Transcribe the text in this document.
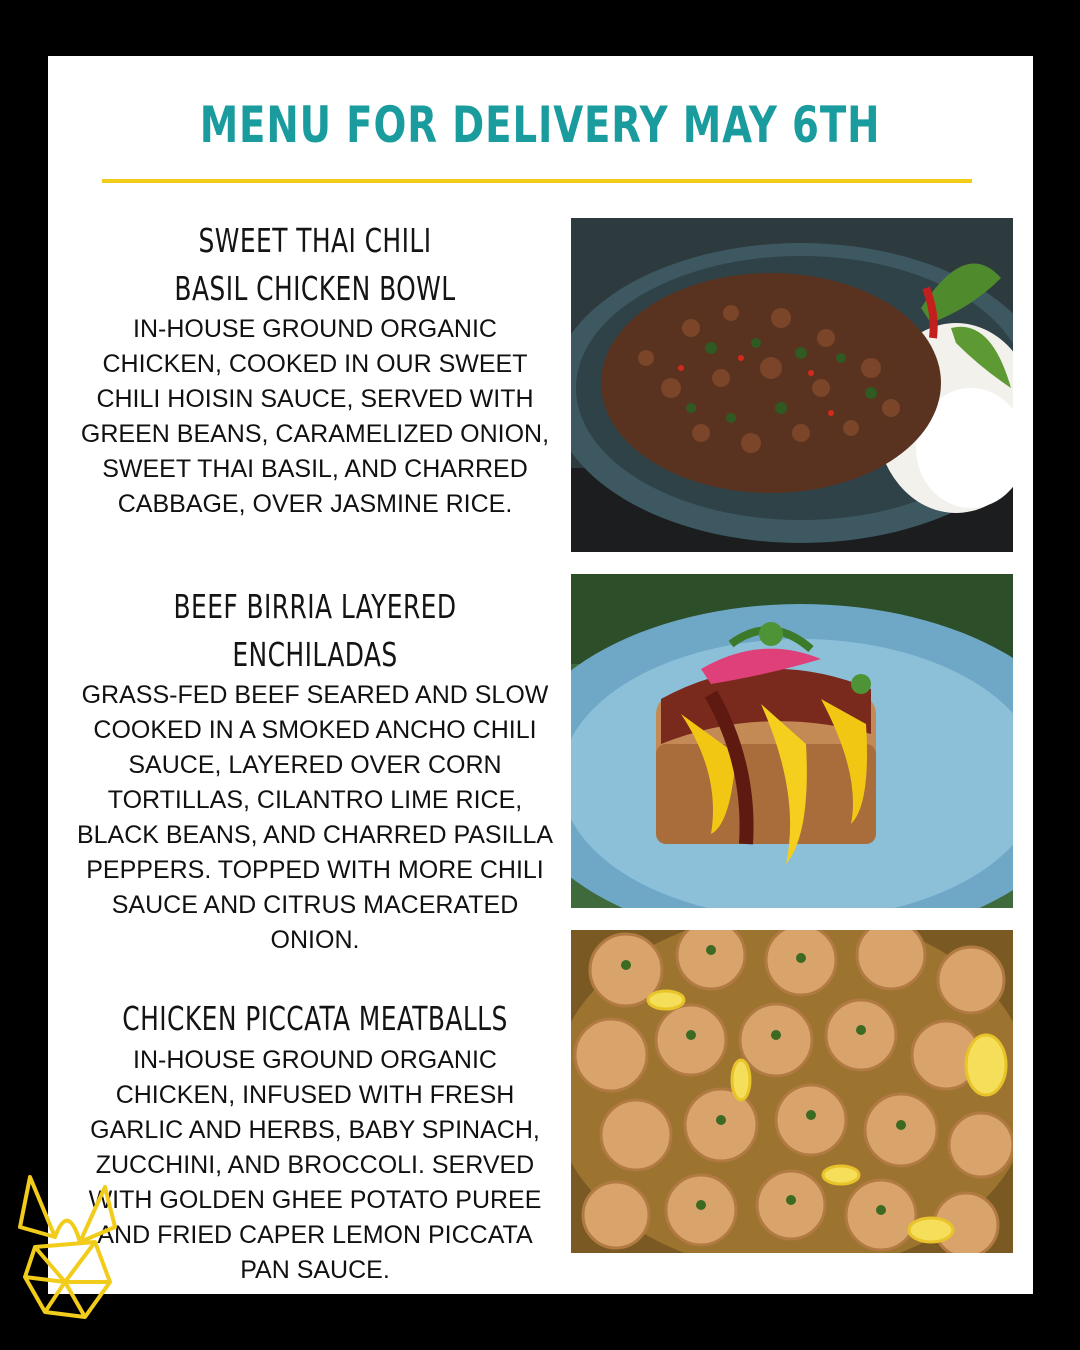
MENU FOR DELIVERY MAY 6TH
SWEET THAI CHILI
BASIL CHICKEN BOWL

IN-HOUSE GROUND ORGANIC CHICKEN, COOKED IN OUR SWEET CHILI HOISIN SAUCE, SERVED WITH GREEN BEANS, CARAMELIZED ONION, SWEET THAI BASIL, AND CHARRED CABBAGE, OVER JASMINE RICE.

BEEF BIRRIA LAYERED
ENCHILADAS

GRASS-FED BEEF SEARED AND SLOW COOKED IN A SMOKED ANCHO CHILI SAUCE, LAYERED OVER CORN TORTILLAS, CILANTRO LIME RICE, BLACK BEANS, AND CHARRED PASILLA PEPPERS. TOPPED WITH MORE CHILI SAUCE AND CITRUS MACERATED ONION.

CHICKEN PICCATA MEATBALLS

IN-HOUSE GROUND ORGANIC CHICKEN, INFUSED WITH FRESH GARLIC AND HERBS, BABY SPINACH, ZUCCHINI, AND BROCCOLI. SERVED WITH GOLDEN GHEE POTATO PUREE AND FRIED CAPER LEMON PICCATA PAN SAUCE.
